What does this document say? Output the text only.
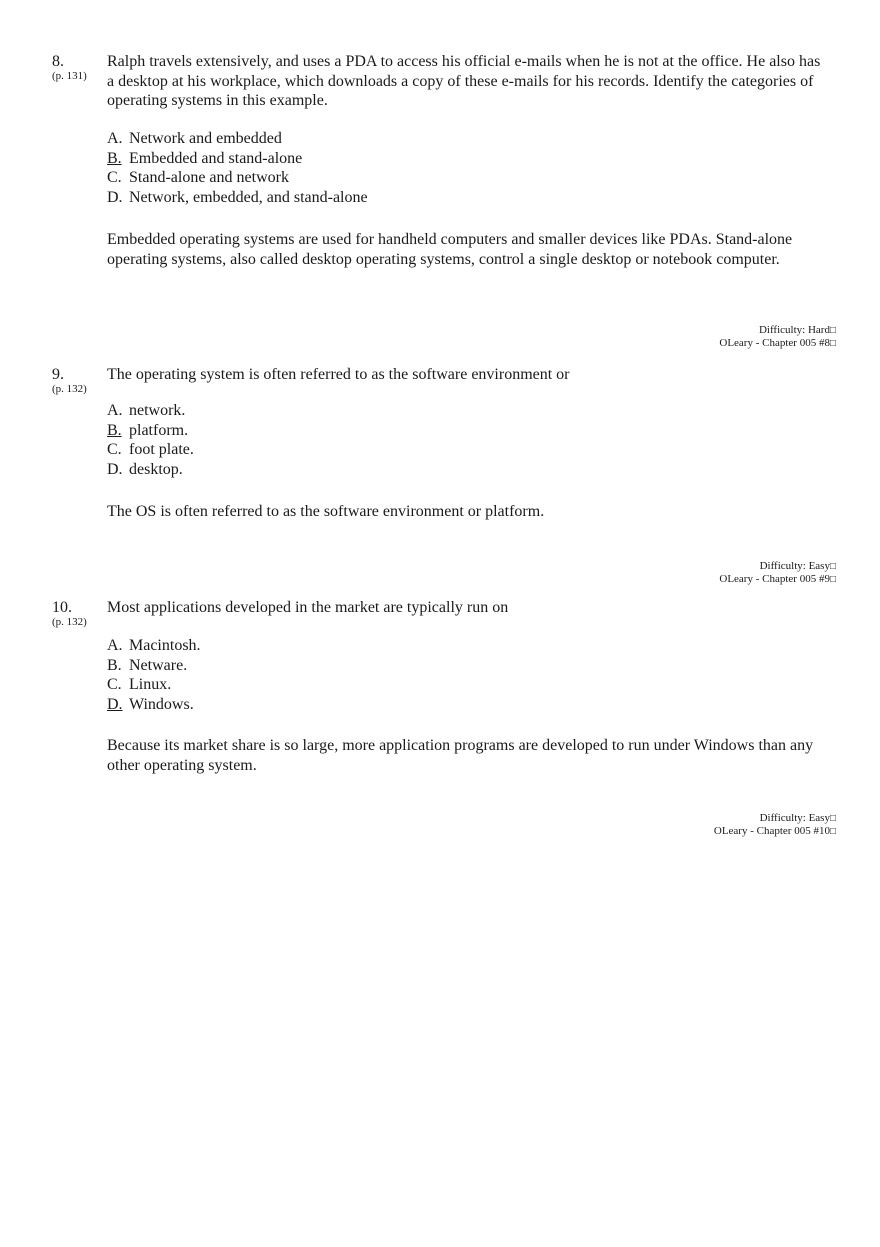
8.
(p. 131)
Ralph travels extensively, and uses a PDA to access his official e-mails when he is not at the office. He also has a desktop at his workplace, which downloads a copy of these e-mails for his records. Identify the categories of operating systems in this example.
A. Network and embedded
B. Embedded and stand-alone
C. Stand-alone and network
D. Network, embedded, and stand-alone
Embedded operating systems are used for handheld computers and smaller devices like PDAs. Stand-alone operating systems, also called desktop operating systems, control a single desktop or notebook computer.
Difficulty: Hard□
OLeary - Chapter 005 #8□
9.
(p. 132)
The operating system is often referred to as the software environment or
A. network.
B. platform.
C. foot plate.
D. desktop.
The OS is often referred to as the software environment or platform.
Difficulty: Easy□
OLeary - Chapter 005 #9□
10.
(p. 132)
Most applications developed in the market are typically run on
A. Macintosh.
B. Netware.
C. Linux.
D. Windows.
Because its market share is so large, more application programs are developed to run under Windows than any other operating system.
Difficulty: Easy□
OLeary - Chapter 005 #10□
